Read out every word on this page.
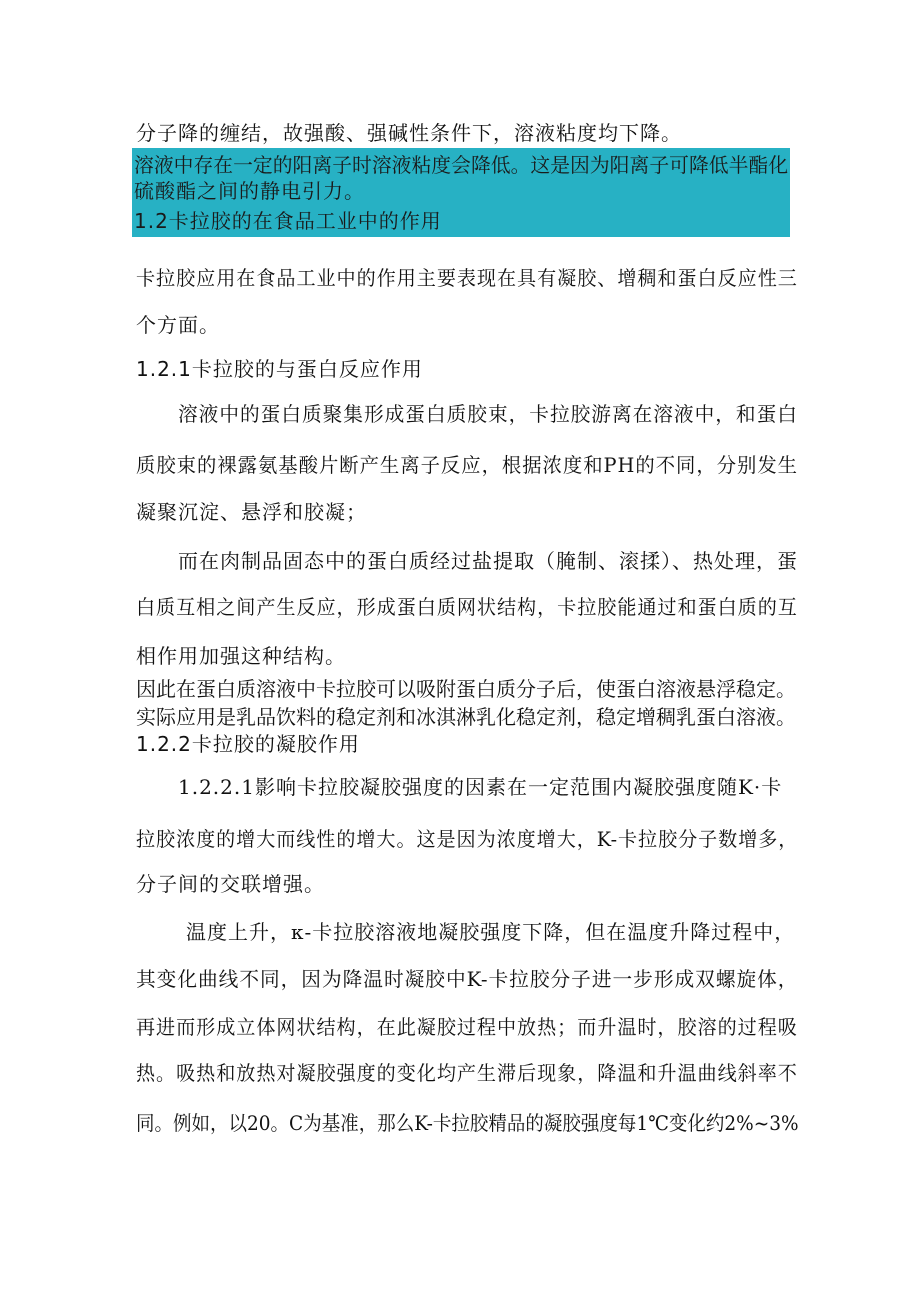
分子降的缠结，故强酸、强碱性条件下，溶液粘度均下降。
溶液中存在一定的阳离子时溶液粘度会降低。这是因为阳离子可降低半酯化
硫酸酯之间的静电引力。
1.2卡拉胶的在食品工业中的作用
卡拉胶应用在食品工业中的作用主要表现在具有凝胶、增稠和蛋白反应性三
个方面。
1.2.1卡拉胶的与蛋白反应作用
溶液中的蛋白质聚集形成蛋白质胶束，卡拉胶游离在溶液中，和蛋白
质胶束的裸露氨基酸片断产生离子反应，根据浓度和PH的不同，分别发生
凝聚沉淀、悬浮和胶凝；
而在肉制品固态中的蛋白质经过盐提取（腌制、滚揉）、热处理，蛋
白质互相之间产生反应，形成蛋白质网状结构，卡拉胶能通过和蛋白质的互
相作用加强这种结构。
因此在蛋白质溶液中卡拉胶可以吸附蛋白质分子后，使蛋白溶液悬浮稳定。
实际应用是乳品饮料的稳定剂和冰淇淋乳化稳定剂，稳定增稠乳蛋白溶液。
1.2.2卡拉胶的凝胶作用
1.2.2.1影响卡拉胶凝胶强度的因素在一定范围内凝胶强度随K·卡
拉胶浓度的增大而线性的增大。这是因为浓度增大，K-卡拉胶分子数增多，
分子间的交联增强。
温度上升，κ-卡拉胶溶液地凝胶强度下降，但在温度升降过程中，
其变化曲线不同，因为降温时凝胶中K-卡拉胶分子进一步形成双螺旋体，
再进而形成立体网状结构，在此凝胶过程中放热；而升温时，胶溶的过程吸
热。吸热和放热对凝胶强度的变化均产生滞后现象，降温和升温曲线斜率不
同。例如，以20。C为基准，那么K-卡拉胶精品的凝胶强度每1℃变化约2%~3%
